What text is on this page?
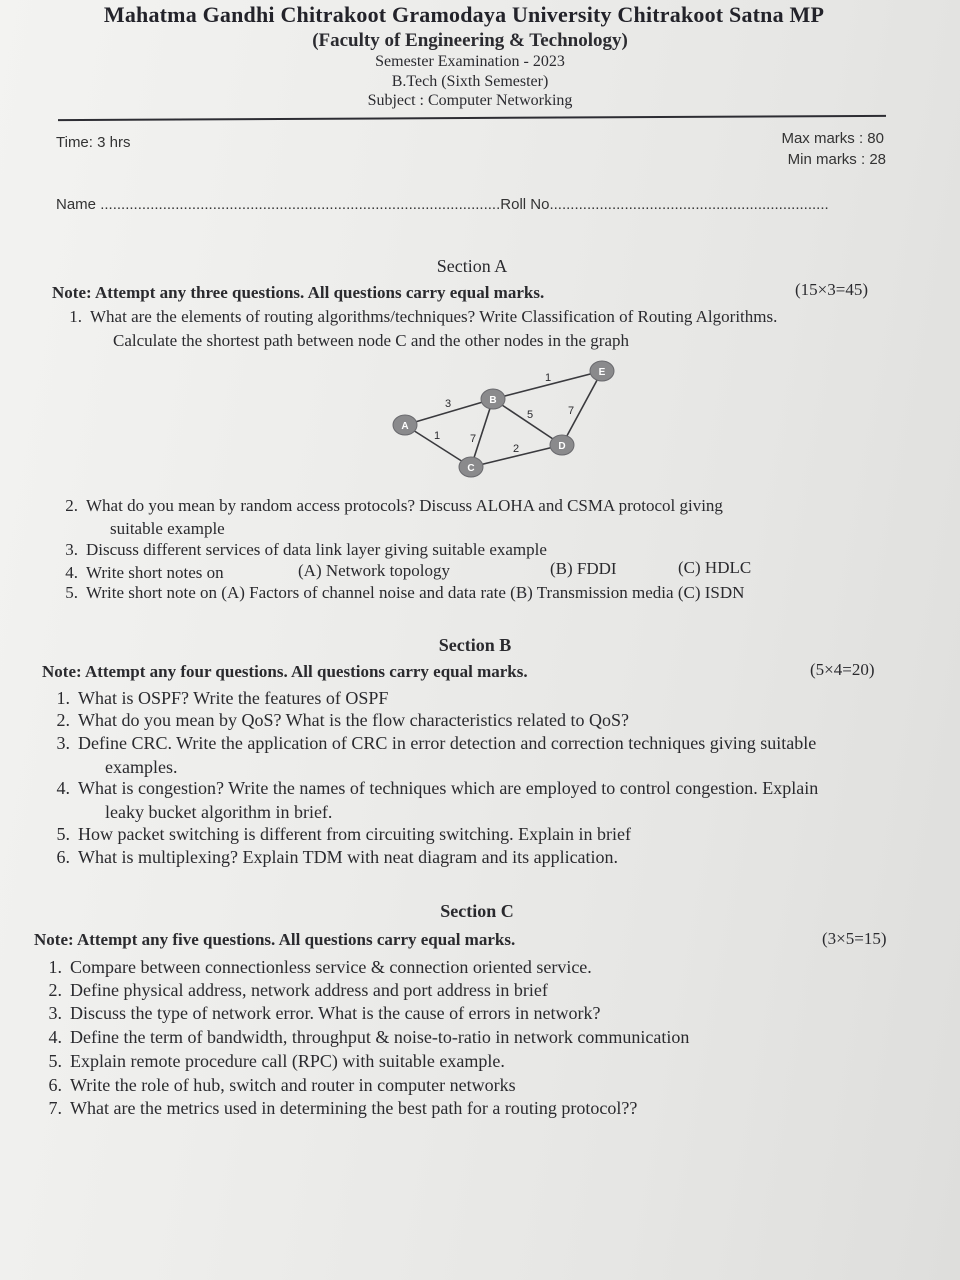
Mahatma Gandhi Chitrakoot Gramodaya University Chitrakoot Satna MP
(Faculty of Engineering & Technology)
Semester Examination - 2023
B.Tech (Sixth Semester)
Subject : Computer Networking
Time: 3 hrs	Max marks : 80
Min marks : 28
Name ................................................................................................Roll No...................................................................
Section A
Note: Attempt any three questions. All questions carry equal marks.	(15×3=45)
1. What are the elements of routing algorithms/techniques? Write Classification of Routing Algorithms.
Calculate the shortest path between node C and the other nodes in the graph
3
1	7
5
1
2
7
A
B
C
D
E
2. What do you mean by random access protocols? Discuss ALOHA and CSMA protocol giving
suitable example
3. Discuss different services of data link layer giving suitable example
4. Write short notes on	(A) Network topology	(B) FDDI	(C) HDLC
5. Write short note on (A) Factors of channel noise and data rate (B) Transmission media (C) ISDN
Section B
Note: Attempt any four questions. All questions carry equal marks.	(5×4=20)
1. What is OSPF? Write the features of OSPF
2. What do you mean by QoS? What is the flow characteristics related to QoS?
3. Define CRC. Write the application of CRC in error detection and correction techniques giving suitable
examples.
4. What is congestion? Write the names of techniques which are employed to control congestion. Explain
leaky bucket algorithm in brief.
5. How packet switching is different from circuiting switching. Explain in brief
6. What is multiplexing? Explain TDM with neat diagram and its application.
Section C
Note: Attempt any five questions. All questions carry equal marks.	(3×5=15)
1. Compare between connectionless service & connection oriented service.
2. Define physical address, network address and port address in brief
3. Discuss the type of network error. What is the cause of errors in network?
4. Define the term of bandwidth, throughput & noise-to-ratio in network communication
5. Explain remote procedure call (RPC) with suitable example.
6. Write the role of hub, switch and router in computer networks
7. What are the metrics used in determining the best path for a routing protocol??
